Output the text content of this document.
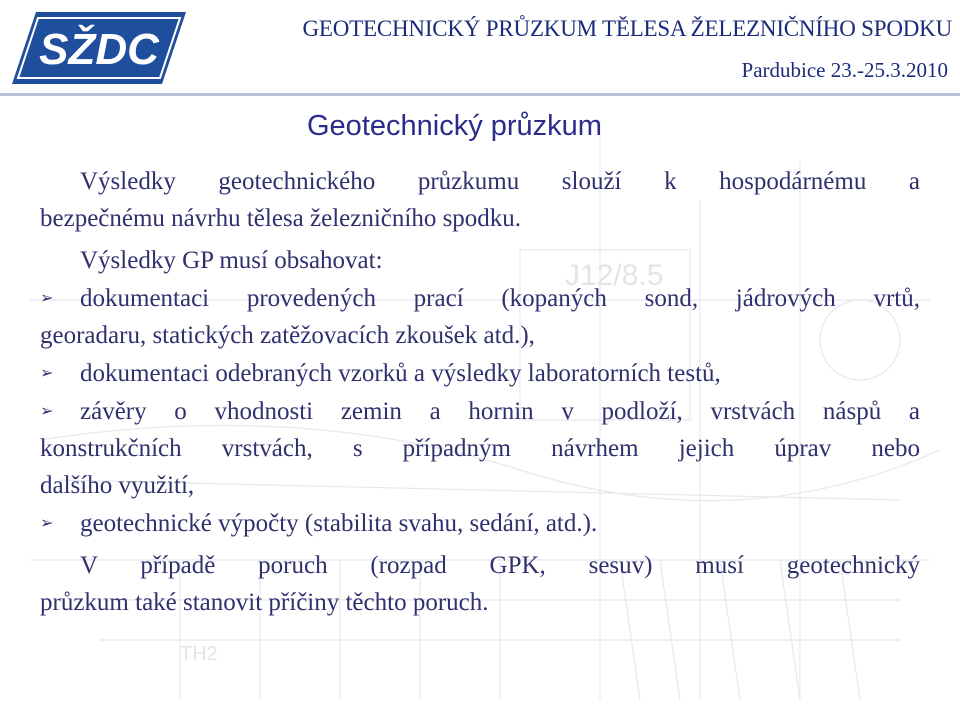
J12/8.5
TH2
SŽDC	GEOTECHNICKÝ PRŮZKUM TĚLESA ŽELEZNIČNÍHO SPODKU
Pardubice 23.-25.3.2010
Geotechnický průzkum

Výsledky geotechnického průzkumu slouží k hospodárnému a

bezpečnému návrhu tělesa železničního spodku.

Výsledky GP musí obsahovat:

➢ dokumentaci provedených prací (kopaných sond, jádrových vrtů,

georadaru, statických zatěžovacích zkoušek atd.),

➢ dokumentaci odebraných vzorků a výsledky laboratorních testů,

➢ závěry o vhodnosti zemin a hornin v podloží, vrstvách náspů a

konstrukčních vrstvách, s případným návrhem jejich úprav nebo

dalšího využití,

➢ geotechnické výpočty (stabilita svahu, sedání, atd.).

V případě poruch (rozpad GPK, sesuv) musí geotechnický

průzkum také stanovit příčiny těchto poruch.
